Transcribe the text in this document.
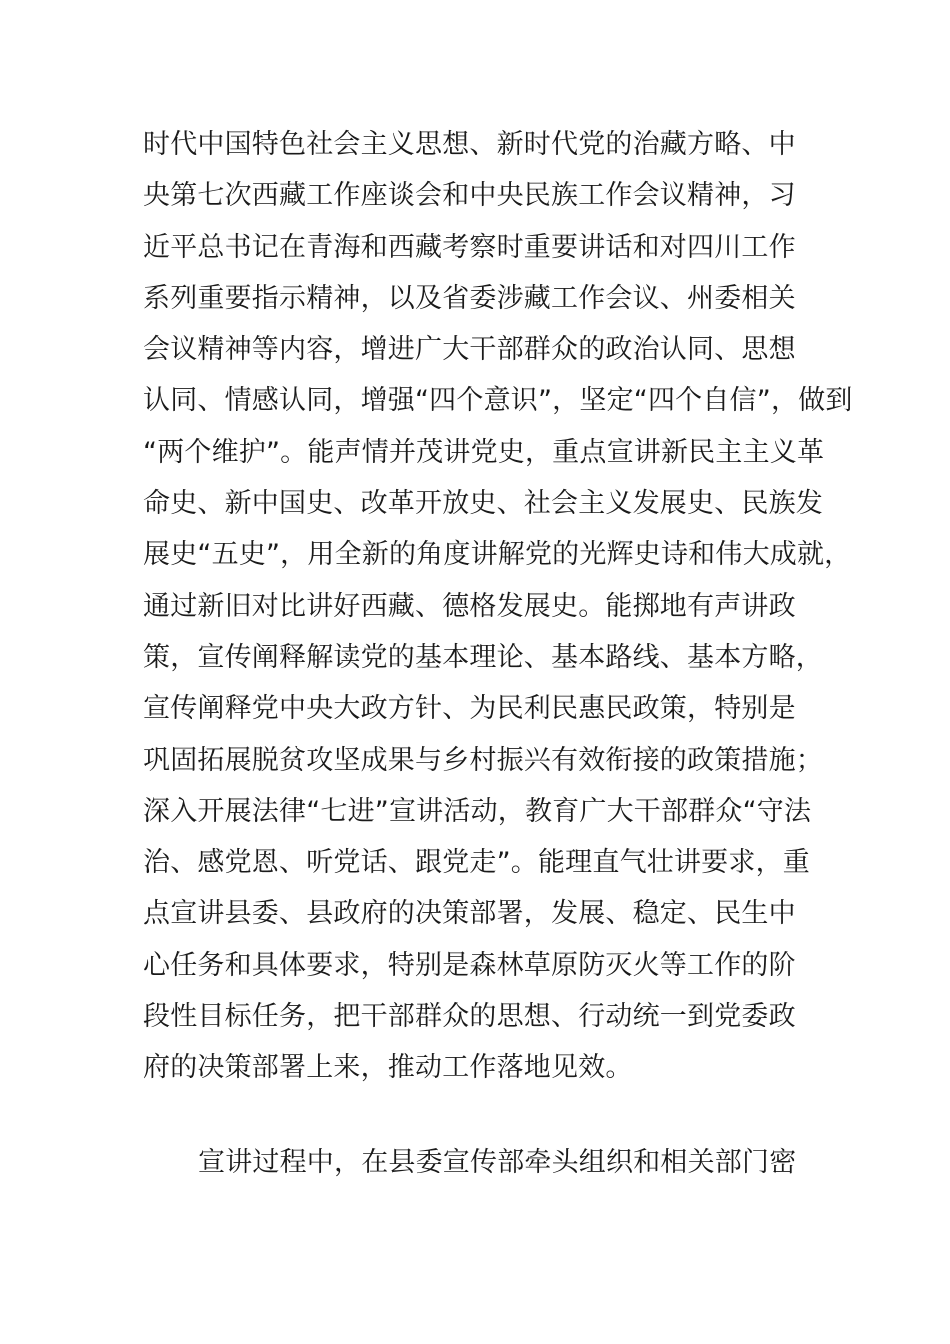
时代中国特色社会主义思想、新时代党的治藏方略、中
央第七次西藏工作座谈会和中央民族工作会议精神，习
近平总书记在青海和西藏考察时重要讲话和对四川工作
系列重要指示精神，以及省委涉藏工作会议、州委相关
会议精神等内容，增进广大干部群众的政治认同、思想
认同、情感认同，增强“四个意识”，坚定“四个自信”，做到
“两个维护”。能声情并茂讲党史，重点宣讲新民主主义革
命史、新中国史、改革开放史、社会主义发展史、民族发
展史“五史”，用全新的角度讲解党的光辉史诗和伟大成就，
通过新旧对比讲好西藏、德格发展史。能掷地有声讲政
策，宣传阐释解读党的基本理论、基本路线、基本方略，
宣传阐释党中央大政方针、为民利民惠民政策，特别是
巩固拓展脱贫攻坚成果与乡村振兴有效衔接的政策措施；
深入开展法律“七进”宣讲活动，教育广大干部群众“守法
治、感党恩、听党话、跟党走”。能理直气壮讲要求，重
点宣讲县委、县政府的决策部署，发展、稳定、民生中
心任务和具体要求，特别是森林草原防灭火等工作的阶
段性目标任务，把干部群众的思想、行动统一到党委政
府的决策部署上来，推动工作落地见效。
宣讲过程中，在县委宣传部牵头组织和相关部门密
